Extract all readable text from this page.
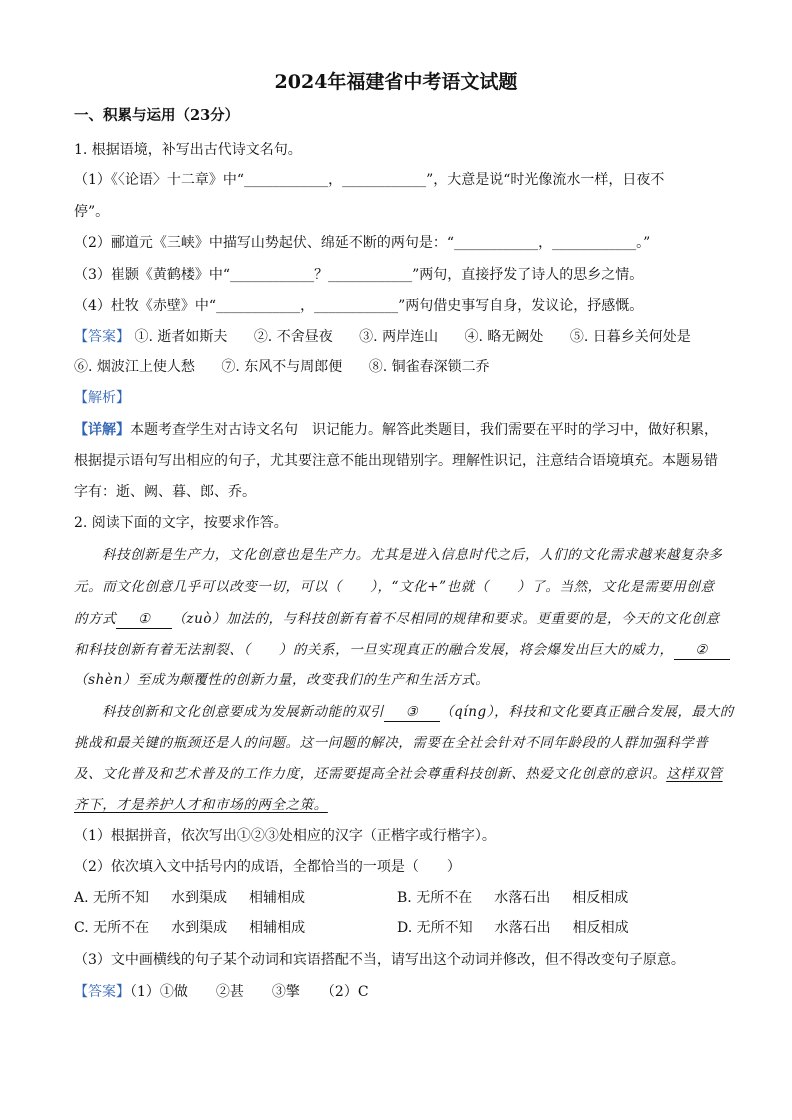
2024年福建省中考语文试题
一、积累与运用（23分）
1. 根据语境，补写出古代诗文名句。
（1）《〈论语〉十二章》中“____________，____________”，大意是说“时光像流水一样，日夜不
停”。
（2）郦道元《三峡》中描写山势起伏、绵延不断的两句是：“____________，____________。”
（3）崔颢《黄鹤楼》中“____________？____________”两句，直接抒发了诗人的思乡之情。
（4）杜牧《赤壁》中“____________，____________”两句借史事写自身，发议论，抒感慨。
【答案】 ①. 逝者如斯夫 ②. 不舍昼夜 ③. 两岸连山 ④. 略无阙处 ⑤. 日暮乡关何处是
⑥. 烟波江上使人愁 ⑦. 东风不与周郎便 ⑧. 铜雀春深锁二乔
【解析】
【详解】本题考查学生对古诗文名句　识记能力。解答此类题目，我们需要在平时的学习中，做好积累，
根据提示语句写出相应的句子，尤其要注意不能出现错别字。理解性识记，注意结合语境填充。本题易错
字有：逝、阙、暮、郎、乔。
2. 阅读下面的文字，按要求作答。
科技创新是生产力，文化创意也是生产力。尤其是进入信息时代之后，人们的文化需求越来越复杂多
元。而文化创意几乎可以改变一切，可以（　　），“文化+”也就（　　）了。当然，文化是需要用创意
的方式 ① （zuò）加法的，与科技创新有着不尽相同的规律和要求。更重要的是，今天的文化创意
和科技创新有着无法割裂、（　　）的关系，一旦实现真正的融合发展，将会爆发出巨大的威力， ②
（shèn）至成为颠覆性的创新力量，改变我们的生产和生活方式。
科技创新和文化创意要成为发展新动能的双引 ③ （qíng），科技和文化要真正融合发展，最大的
挑战和最关键的瓶颈还是人的问题。这一问题的解决，需要在全社会针对不同年龄段的人群加强科学普
及、文化普及和艺术普及的工作力度，还需要提高全社会尊重科技创新、热爱文化创意的意识。这样双管
齐下，才是养护人才和市场的两全之策。
（1）根据拼音，依次写出①②③处相应的汉字（正楷字或行楷字）。
（2）依次填入文中括号内的成语，全都恰当的一项是（　　）
A. 无所不知 水到渠成 相辅相成	B. 无所不在 水落石出 相反相成
C. 无所不在 水到渠成 相辅相成	D. 无所不知 水落石出 相反相成
（3）文中画横线的句子某个动词和宾语搭配不当，请写出这个动词并修改，但不得改变句子原意。
【答案】（1）①做　　②甚　　③擎　　（2）C
